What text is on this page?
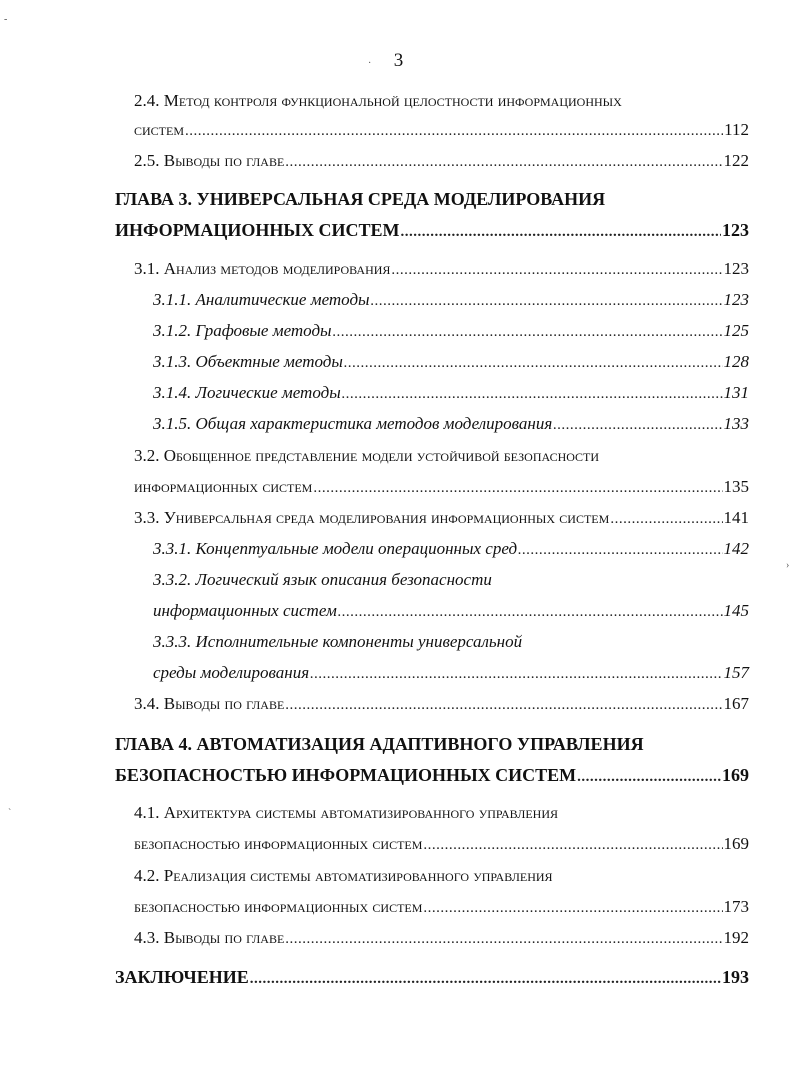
3
2.4. Метод контроля функциональной целостности информационных
систем .....	112
2.5. Выводы по главе .....	122
ГЛАВА 3. УНИВЕРСАЛЬНАЯ СРЕДА МОДЕЛИРОВАНИЯ
ИНФОРМАЦИОННЫХ СИСТЕМ .....	123
3.1. Анализ методов моделирования .....	123
3.1.1. Аналитические методы .....	123
3.1.2. Графовые методы .....	125
3.1.3. Объектные методы .....	128
3.1.4. Логические методы .....	131
3.1.5. Общая характеристика методов моделирования .....	133
3.2. Обобщенное представление модели устойчивой безопасности
информационных систем .....	135
3.3. Универсальная среда моделирования информационных систем .....	141
3.3.1. Концептуальные модели операционных сред .....	142
3.3.2. Логический язык описания безопасности
информационных систем .....	145
3.3.3. Исполнительные компоненты универсальной
среды моделирования .....	157
3.4. Выводы по главе .....	167
ГЛАВА 4. АВТОМАТИЗАЦИЯ АДАПТИВНОГО УПРАВЛЕНИЯ
БЕЗОПАСНОСТЬЮ ИНФОРМАЦИОННЫХ СИСТЕМ .....	169
4.1. Архитектура системы автоматизированного управления
безопасностью информационных систем .....	169
4.2. Реализация системы автоматизированного управления
безопасностью информационных систем .....	173
4.3. Выводы по главе .....	192
ЗАКЛЮЧЕНИЕ .....	193
-
·
›
`
